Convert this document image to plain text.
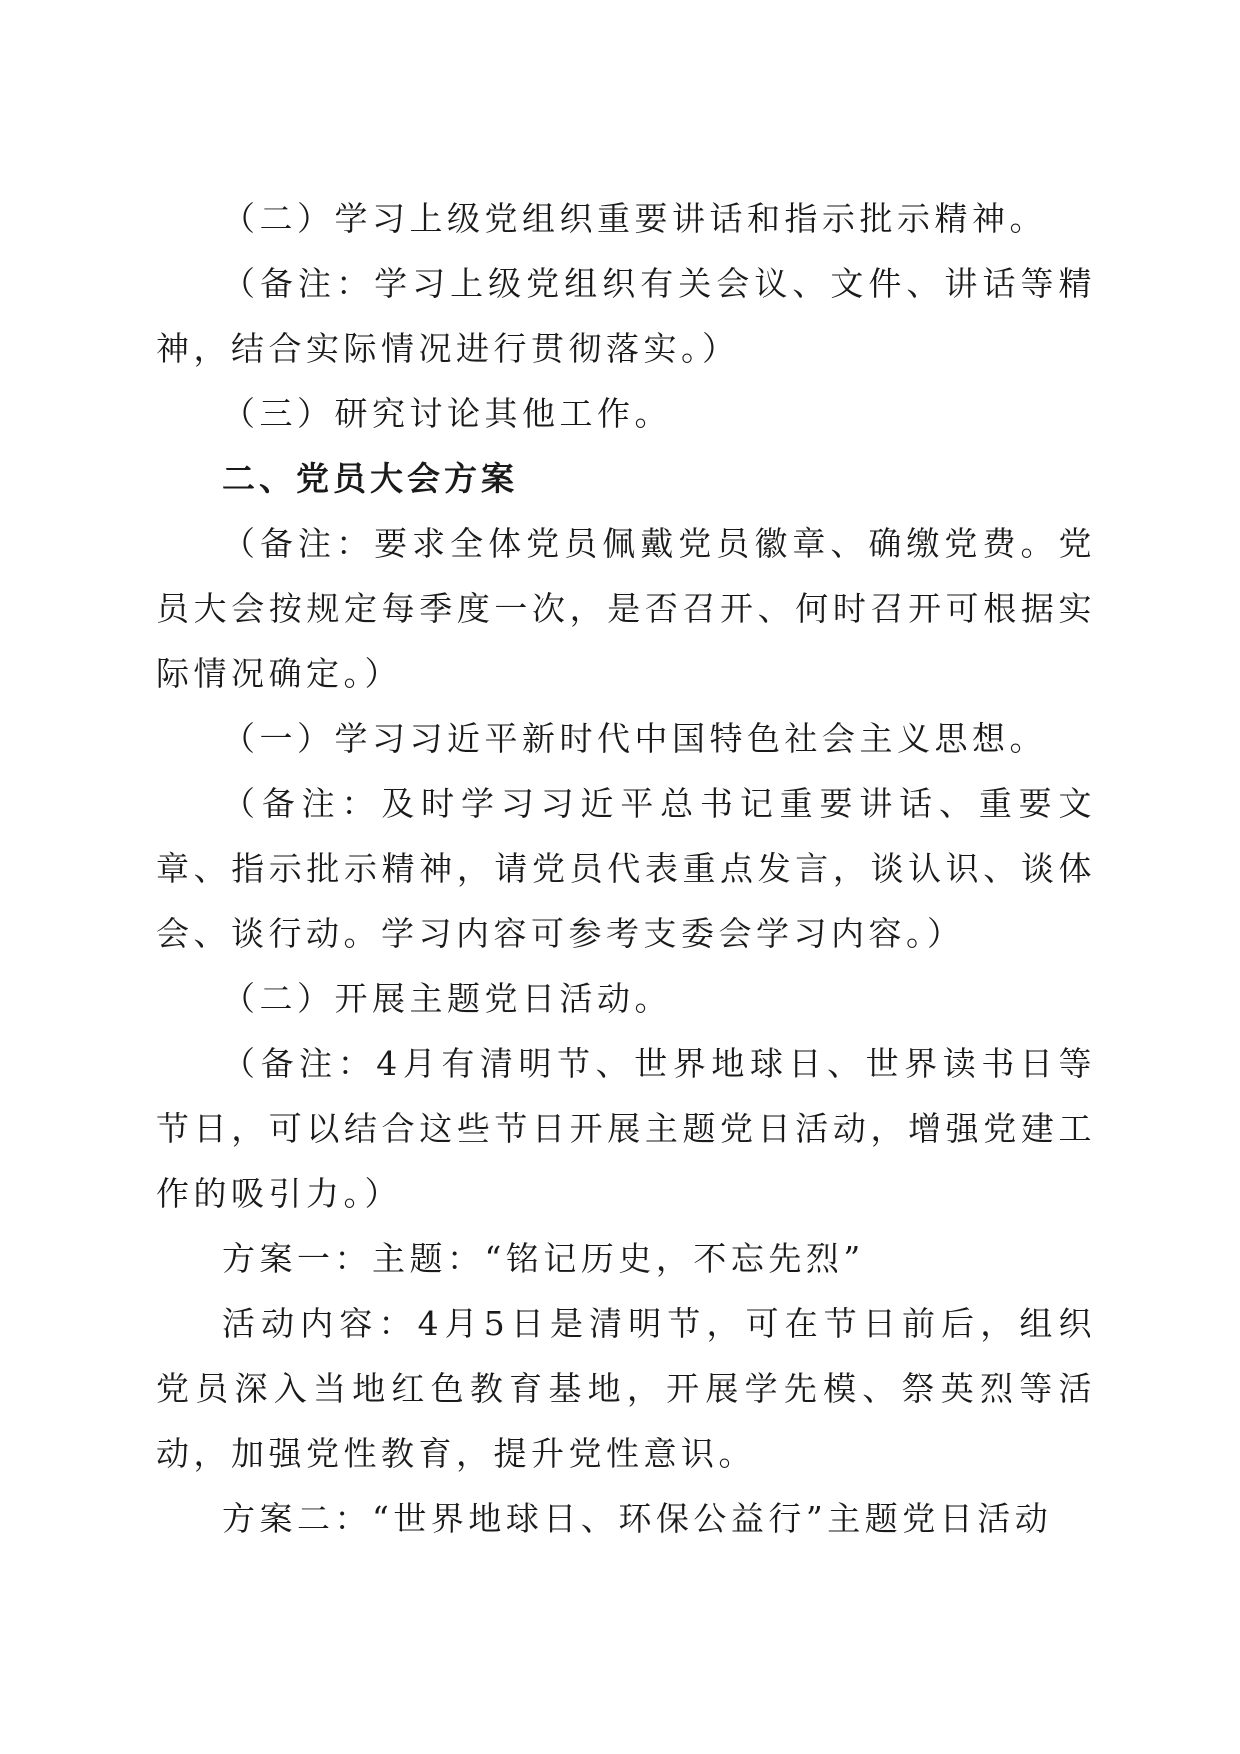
（二）学习上级党组织重要讲话和指示批示精神。

（备注：学习上级党组织有关会议、文件、讲话等精神，结合实际情况进行贯彻落实。）

（三）研究讨论其他工作。

二、党员大会方案

（备注：要求全体党员佩戴党员徽章、确缴党费。党员大会按规定每季度一次，是否召开、何时召开可根据实际情况确定。）

（一）学习习近平新时代中国特色社会主义思想。

（备注：及时学习习近平总书记重要讲话、重要文章、指示批示精神，请党员代表重点发言，谈认识、谈体会、谈行动。学习内容可参考支委会学习内容。）

（二）开展主题党日活动。

（备注：4月有清明节、世界地球日、世界读书日等节日，可以结合这些节日开展主题党日活动，增强党建工作的吸引力。）

方案一：主题：“铭记历史，不忘先烈”

活动内容：4月5日是清明节，可在节日前后，组织党员深入当地红色教育基地，开展学先模、祭英烈等活动，加强党性教育，提升党性意识。

方案二：“世界地球日、环保公益行”主题党日活动
